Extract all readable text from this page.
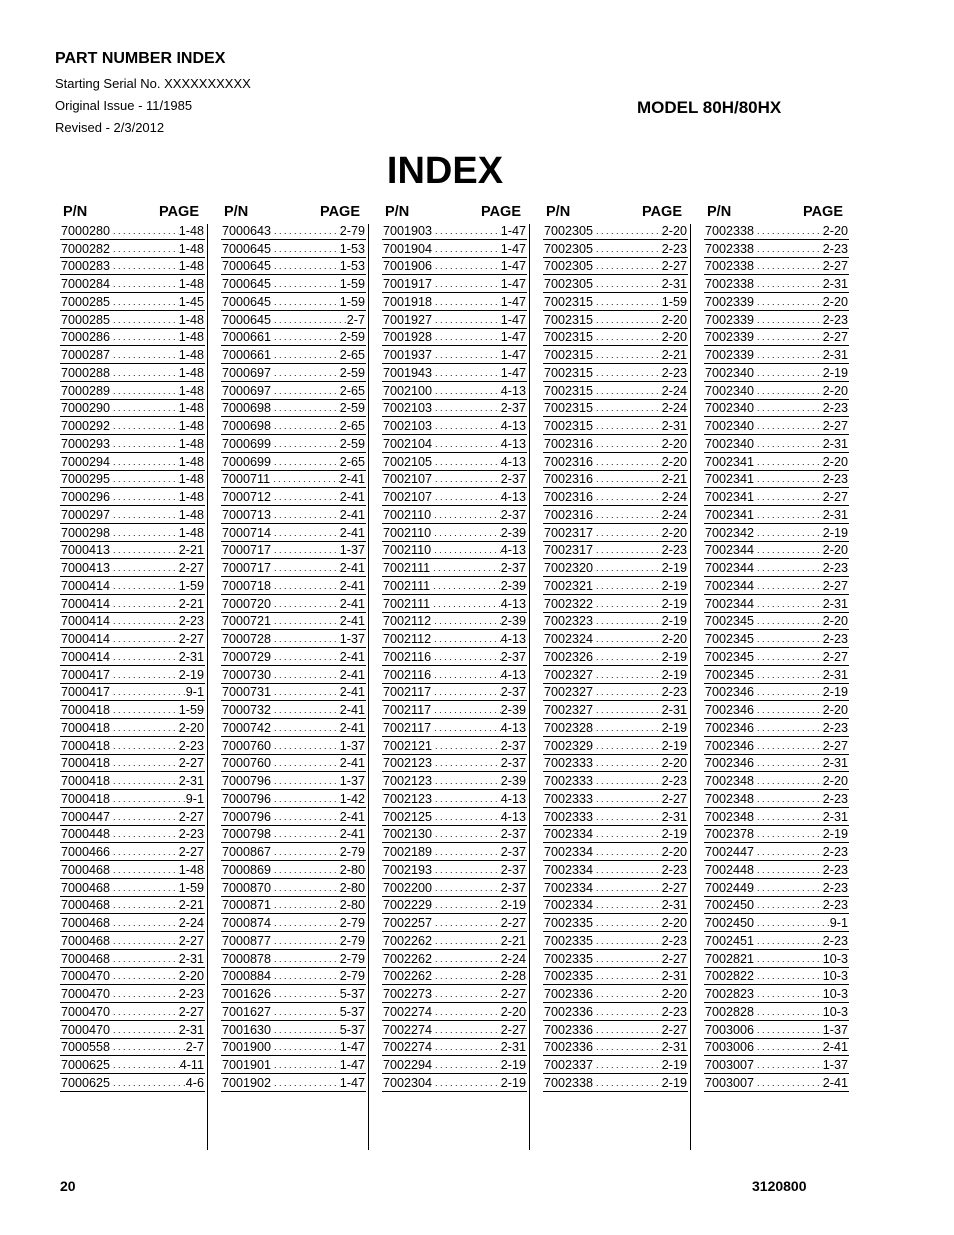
PART NUMBER INDEX
Starting Serial No. XXXXXXXXXX
Original Issue - 11/1985
Revised - 2/3/2012
MODEL 80H/80HX
INDEX
P/N	PAGE
7000280 . . .	1-48
7000282 . . .	1-48
7000283 . . .	1-48
7000284 . . .	1-48
7000285 . . .	1-45
7000285 . . .	1-48
7000286 . . .	1-48
7000287 . . .	1-48
7000288 . . .	1-48
7000289 . . .	1-48
7000290 . . .	1-48
7000292 . . .	1-48
7000293 . . .	1-48
7000294 . . .	1-48
7000295 . . .	1-48
7000296 . . .	1-48
7000297 . . .	1-48
7000298 . . .	1-48
7000413 . . .	2-21
7000413 . . .	2-27
7000414 . . .	1-59
7000414 . . .	2-21
7000414 . . .	2-23
7000414 . . .	2-27
7000414 . . .	2-31
7000417 . . .	2-19
7000417 . . .	9-1
7000418 . . .	1-59
7000418 . . .	2-20
7000418 . . .	2-23
7000418 . . .	2-27
7000418 . . .	2-31
7000418 . . .	9-1
7000447 . . .	2-27
7000448 . . .	2-23
7000466 . . .	2-27
7000468 . . .	1-48
7000468 . . .	1-59
7000468 . . .	2-21
7000468 . . .	2-24
7000468 . . .	2-27
7000468 . . .	2-31
7000470 . . .	2-20
7000470 . . .	2-23
7000470 . . .	2-27
7000470 . . .	2-31
7000558 . . .	2-7
7000625 . . .	4-11
7000625 . . .	4-6
P/N	PAGE
7000643 . . .	2-79
7000645 . . .	1-53
7000645 . . .	1-53
7000645 . . .	1-59
7000645 . . .	1-59
7000645 . . .	2-7
7000661 . . .	2-59
7000661 . . .	2-65
7000697 . . .	2-59
7000697 . . .	2-65
7000698 . . .	2-59
7000698 . . .	2-65
7000699 . . .	2-59
7000699 . . .	2-65
7000711 . . .	2-41
7000712 . . .	2-41
7000713 . . .	2-41
7000714 . . .	2-41
7000717 . . .	1-37
7000717 . . .	2-41
7000718 . . .	2-41
7000720 . . .	2-41
7000721 . . .	2-41
7000728 . . .	1-37
7000729 . . .	2-41
7000730 . . .	2-41
7000731 . . .	2-41
7000732 . . .	2-41
7000742 . . .	2-41
7000760 . . .	1-37
7000760 . . .	2-41
7000796 . . .	1-37
7000796 . . .	1-42
7000796 . . .	2-41
7000798 . . .	2-41
7000867 . . .	2-79
7000869 . . .	2-80
7000870 . . .	2-80
7000871 . . .	2-80
7000874 . . .	2-79
7000877 . . .	2-79
7000878 . . .	2-79
7000884 . . .	2-79
7001626 . . .	5-37
7001627 . . .	5-37
7001630 . . .	5-37
7001900 . . .	1-47
7001901 . . .	1-47
7001902 . . .	1-47
P/N	PAGE
7001903 . . .	1-47
7001904 . . .	1-47
7001906 . . .	1-47
7001917 . . .	1-47
7001918 . . .	1-47
7001927 . . .	1-47
7001928 . . .	1-47
7001937 . . .	1-47
7001943 . . .	1-47
7002100 . . .	4-13
7002103 . . .	2-37
7002103 . . .	4-13
7002104 . . .	4-13
7002105 . . .	4-13
7002107 . . .	2-37
7002107 . . .	4-13
7002110 . . .	2-37
7002110 . . .	2-39
7002110 . . .	4-13
7002111 . . .	2-37
7002111 . . .	2-39
7002111 . . .	4-13
7002112 . . .	2-39
7002112 . . .	4-13
7002116 . . .	2-37
7002116 . . .	4-13
7002117 . . .	2-37
7002117 . . .	2-39
7002117 . . .	4-13
7002121 . . .	2-37
7002123 . . .	2-37
7002123 . . .	2-39
7002123 . . .	4-13
7002125 . . .	4-13
7002130 . . .	2-37
7002189 . . .	2-37
7002193 . . .	2-37
7002200 . . .	2-37
7002229 . . .	2-19
7002257 . . .	2-27
7002262 . . .	2-21
7002262 . . .	2-24
7002262 . . .	2-28
7002273 . . .	2-27
7002274 . . .	2-20
7002274 . . .	2-27
7002274 . . .	2-31
7002294 . . .	2-19
7002304 . . .	2-19
P/N	PAGE
7002305 . . .	2-20
7002305 . . .	2-23
7002305 . . .	2-27
7002305 . . .	2-31
7002315 . . .	1-59
7002315 . . .	2-20
7002315 . . .	2-20
7002315 . . .	2-21
7002315 . . .	2-23
7002315 . . .	2-24
7002315 . . .	2-24
7002315 . . .	2-31
7002316 . . .	2-20
7002316 . . .	2-20
7002316 . . .	2-21
7002316 . . .	2-24
7002316 . . .	2-24
7002317 . . .	2-20
7002317 . . .	2-23
7002320 . . .	2-19
7002321 . . .	2-19
7002322 . . .	2-19
7002323 . . .	2-19
7002324 . . .	2-20
7002326 . . .	2-19
7002327 . . .	2-19
7002327 . . .	2-23
7002327 . . .	2-31
7002328 . . .	2-19
7002329 . . .	2-19
7002333 . . .	2-20
7002333 . . .	2-23
7002333 . . .	2-27
7002333 . . .	2-31
7002334 . . .	2-19
7002334 . . .	2-20
7002334 . . .	2-23
7002334 . . .	2-27
7002334 . . .	2-31
7002335 . . .	2-20
7002335 . . .	2-23
7002335 . . .	2-27
7002335 . . .	2-31
7002336 . . .	2-20
7002336 . . .	2-23
7002336 . . .	2-27
7002336 . . .	2-31
7002337 . . .	2-19
7002338 . . .	2-19
P/N	PAGE
7002338 . . .	2-20
7002338 . . .	2-23
7002338 . . .	2-27
7002338 . . .	2-31
7002339 . . .	2-20
7002339 . . .	2-23
7002339 . . .	2-27
7002339 . . .	2-31
7002340 . . .	2-19
7002340 . . .	2-20
7002340 . . .	2-23
7002340 . . .	2-27
7002340 . . .	2-31
7002341 . . .	2-20
7002341 . . .	2-23
7002341 . . .	2-27
7002341 . . .	2-31
7002342 . . .	2-19
7002344 . . .	2-20
7002344 . . .	2-23
7002344 . . .	2-27
7002344 . . .	2-31
7002345 . . .	2-20
7002345 . . .	2-23
7002345 . . .	2-27
7002345 . . .	2-31
7002346 . . .	2-19
7002346 . . .	2-20
7002346 . . .	2-23
7002346 . . .	2-27
7002346 . . .	2-31
7002348 . . .	2-20
7002348 . . .	2-23
7002348 . . .	2-31
7002378 . . .	2-19
7002447 . . .	2-23
7002448 . . .	2-23
7002449 . . .	2-23
7002450 . . .	2-23
7002450 . . .	9-1
7002451 . . .	2-23
7002821 . . .	10-3
7002822 . . .	10-3
7002823 . . .	10-3
7002828 . . .	10-3
7003006 . . .	1-37
7003006 . . .	2-41
7003007 . . .	1-37
7003007 . . .	2-41
20	3120800
